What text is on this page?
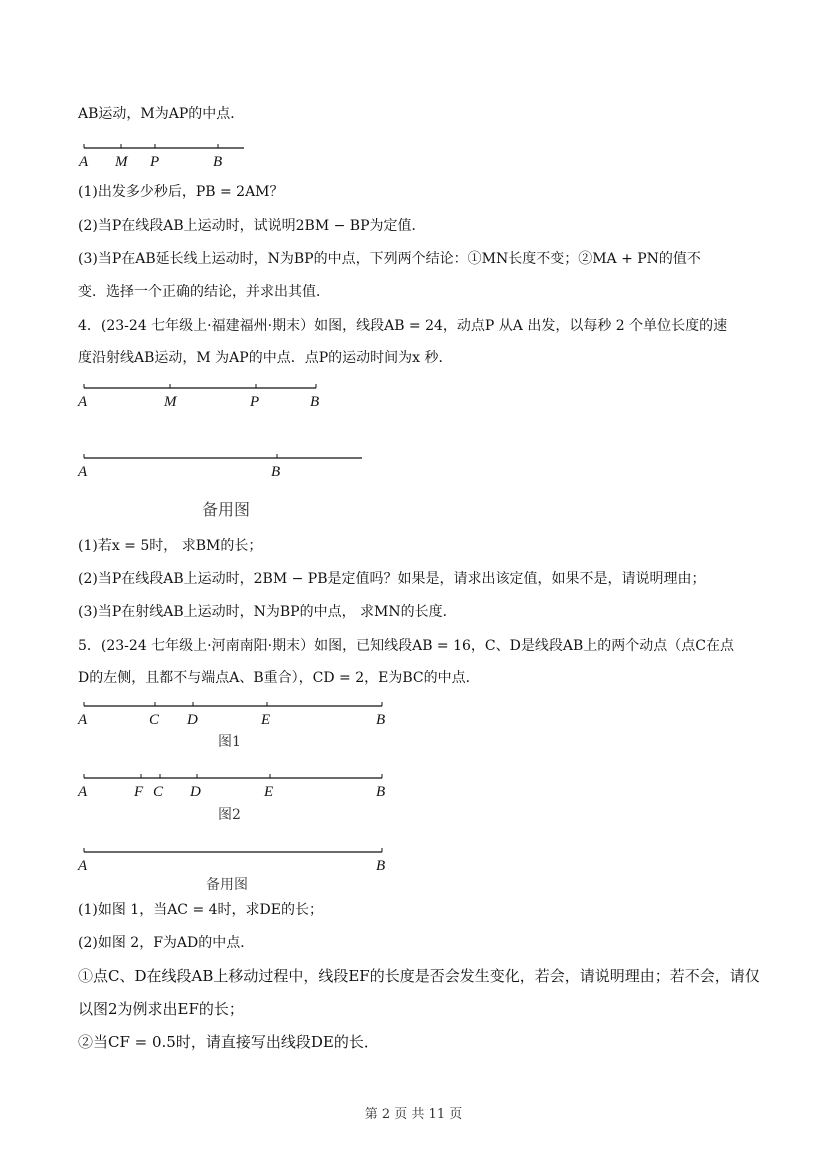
AB运动，M为AP的中点．
A M P	B
(1)出发多少秒后，PB = 2AM？
(2)当P在线段AB上运动时，试说明2BM − BP为定值．
(3)当P在AB延长线上运动时，N为BP的中点，下列两个结论：①MN长度不变；②MA + PN的值不
变．选择一个正确的结论，并求出其值．
4．(23-24 七年级上·福建福州·期末）如图，线段AB = 24，动点P 从A 出发，以每秒 2 个单位长度的速
度沿射线AB运动，M 为AP的中点．点P的运动时间为x 秒．
A	M	P	B
A	B
备用图
(1)若x = 5时， 求BM的长；
(2)当P在线段AB上运动时，2BM − PB是定值吗？如果是，请求出该定值，如果不是，请说明理由；
(3)当P在射线AB上运动时，N为BP的中点， 求MN的长度．
5．(23-24 七年级上·河南南阳·期末）如图，已知线段AB = 16，C、D是线段AB上的两个动点（点C在点
D的左侧，且都不与端点A、B重合），CD = 2，E为BC的中点．
A	C D	E	B
图1
A	F C D	E	B
图2
A	B
备用图
(1)如图 1，当AC = 4时，求DE的长；
(2)如图 2，F为AD的中点．
①点C、D在线段AB上移动过程中，线段EF的长度是否会发生变化，若会，请说明理由；若不会，请仅
以图2为例求出EF的长；
②当CF = 0.5时，请直接写出线段DE的长．
第 2 页 共 11 页
